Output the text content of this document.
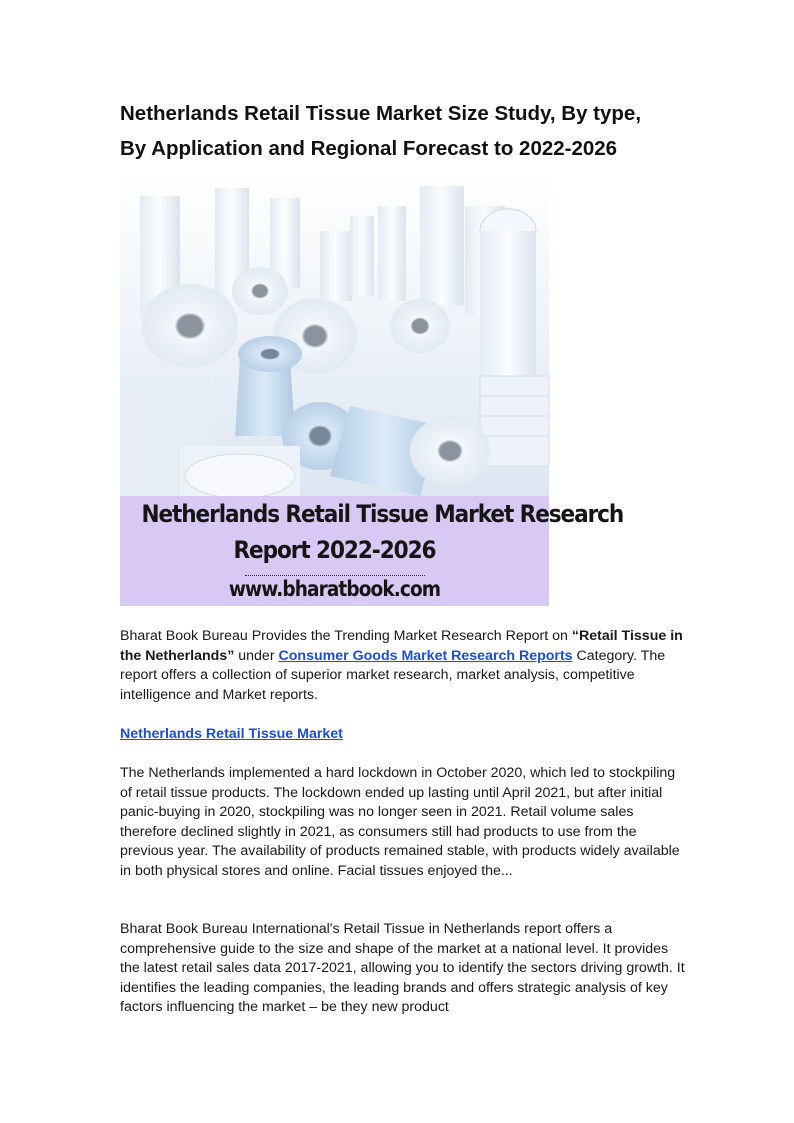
Netherlands Retail Tissue Market Size Study, By type,
By Application and Regional Forecast to 2022-2026
Netherlands Retail Tissue Market Research
Report 2022-2026
www.bharatbook.com

Bharat Book Bureau Provides the Trending Market Research Report on “Retail Tissue in the Netherlands” under Consumer Goods Market Research Reports Category. The report offers a collection of superior market research, market analysis, competitive intelligence and Market reports.

Netherlands Retail Tissue Market

The Netherlands implemented a hard lockdown in October 2020, which led to stockpiling of retail tissue products. The lockdown ended up lasting until April 2021, but after initial panic-buying in 2020, stockpiling was no longer seen in 2021. Retail volume sales therefore declined slightly in 2021, as consumers still had products to use from the previous year. The availability of products remained stable, with products widely available in both physical stores and online. Facial tissues enjoyed the...

Bharat Book Bureau International's Retail Tissue in Netherlands report offers a comprehensive guide to the size and shape of the market at a national level. It provides the latest retail sales data 2017-2021, allowing you to identify the sectors driving growth. It identifies the leading companies, the leading brands and offers strategic analysis of key factors influencing the market – be they new product
